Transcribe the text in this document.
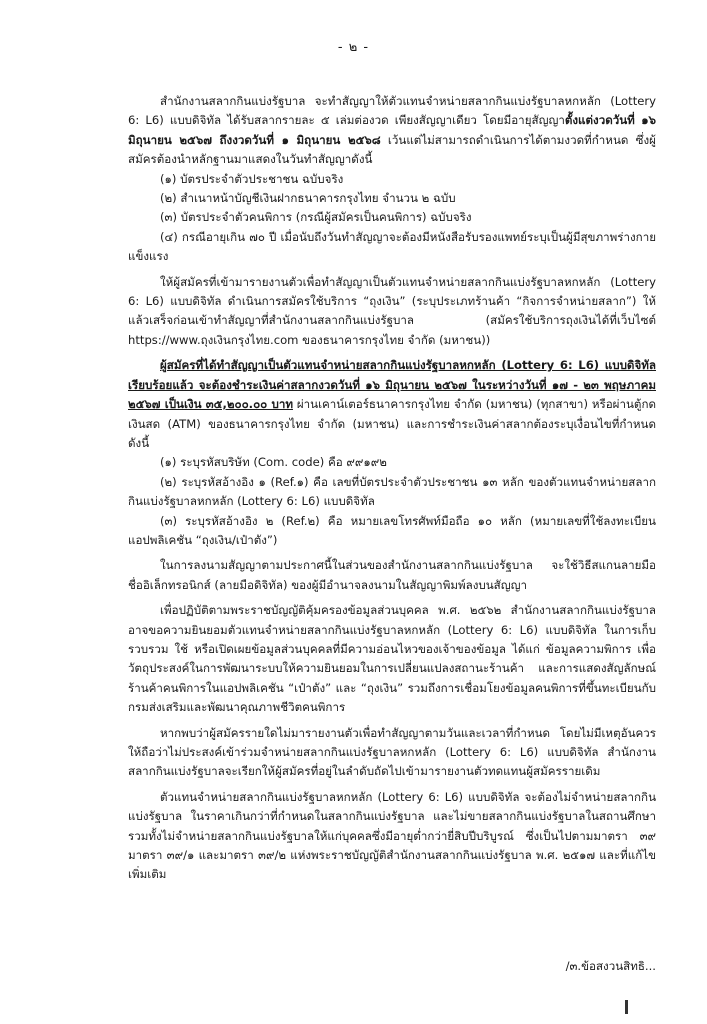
- ๒ -

สำนักงานสลากกินแบ่งรัฐบาล จะทำสัญญาให้ตัวแทนจำหน่ายสลากกินแบ่งรัฐบาลหกหลัก (Lottery 6: L6) แบบดิจิทัล ได้รับสลากรายละ ๕ เล่มต่องวด เพียงสัญญาเดียว โดยมีอายุสัญญาตั้งแต่งวดวันที่ ๑๖ มิถุนายน ๒๕๖๗ ถึงงวดวันที่ ๑ มิถุนายน ๒๕๖๘ เว้นแต่ไม่สามารถดำเนินการได้ตามงวดที่กำหนด ซึ่งผู้สมัครต้องนำหลักฐานมาแสดงในวันทำสัญญาดังนี้

(๑) บัตรประจำตัวประชาชน ฉบับจริง

(๒) สำเนาหน้าบัญชีเงินฝากธนาคารกรุงไทย จำนวน ๒ ฉบับ

(๓) บัตรประจำตัวคนพิการ (กรณีผู้สมัครเป็นคนพิการ) ฉบับจริง

(๔) กรณีอายุเกิน ๗๐ ปี เมื่อนับถึงวันทำสัญญาจะต้องมีหนังสือรับรองแพทย์ระบุเป็นผู้มีสุขภาพร่างกายแข็งแรง

ให้ผู้สมัครที่เข้ามารายงานตัวเพื่อทำสัญญาเป็นตัวแทนจำหน่ายสลากกินแบ่งรัฐบาลหกหลัก (Lottery 6: L6) แบบดิจิทัล ดำเนินการสมัครใช้บริการ “ถุงเงิน” (ระบุประเภทร้านค้า “กิจการจำหน่ายสลาก”) ให้แล้วเสร็จก่อนเข้าทำสัญญาที่สำนักงานสลากกินแบ่งรัฐบาล (สมัครใช้บริการถุงเงินได้ที่เว็บไซต์ https://www.ถุงเงินกรุงไทย.com ของธนาคารกรุงไทย จำกัด (มหาชน))

ผู้สมัครที่ได้ทำสัญญาเป็นตัวแทนจำหน่ายสลากกินแบ่งรัฐบาลหกหลัก (Lottery 6: L6) แบบดิจิทัลเรียบร้อยแล้ว จะต้องชำระเงินค่าสลากงวดวันที่ ๑๖ มิถุนายน ๒๕๖๗ ในระหว่างวันที่ ๑๗ - ๒๓ พฤษภาคม ๒๕๖๗ เป็นเงิน ๓๕,๒๐๐.๐๐ บาท ผ่านเคาน์เตอร์ธนาคารกรุงไทย จำกัด (มหาชน) (ทุกสาขา) หรือผ่านตู้กดเงินสด (ATM) ของธนาคารกรุงไทย จำกัด (มหาชน) และการชำระเงินค่าสลากต้องระบุเงื่อนไขที่กำหนด ดังนี้

(๑) ระบุรหัสบริษัท (Com. code) คือ ๙๙๑๙๒

(๒) ระบุรหัสอ้างอิง ๑ (Ref.๑) คือ เลขที่บัตรประจำตัวประชาชน ๑๓ หลัก ของตัวแทนจำหน่ายสลากกินแบ่งรัฐบาลหกหลัก (Lottery 6: L6) แบบดิจิทัล

(๓) ระบุรหัสอ้างอิง ๒ (Ref.๒) คือ หมายเลขโทรศัพท์มือถือ ๑๐ หลัก (หมายเลขที่ใช้ลงทะเบียนแอปพลิเคชัน “ถุงเงิน/เป๋าตัง”)

ในการลงนามสัญญาตามประกาศนี้ในส่วนของสำนักงานสลากกินแบ่งรัฐบาล จะใช้วิธีสแกนลายมือชื่ออิเล็กทรอนิกส์ (ลายมือดิจิทัล) ของผู้มีอำนาจลงนามในสัญญาพิมพ์ลงบนสัญญา

เพื่อปฏิบัติตามพระราชบัญญัติคุ้มครองข้อมูลส่วนบุคคล พ.ศ. ๒๕๖๒ สำนักงานสลากกินแบ่งรัฐบาลอาจขอความยินยอมตัวแทนจำหน่ายสลากกินแบ่งรัฐบาลหกหลัก (Lottery 6: L6) แบบดิจิทัล ในการเก็บรวบรวม ใช้ หรือเปิดเผยข้อมูลส่วนบุคคลที่มีความอ่อนไหวของเจ้าของข้อมูล ได้แก่ ข้อมูลความพิการ เพื่อวัตถุประสงค์ในการพัฒนาระบบให้ความยินยอมในการเปลี่ยนแปลงสถานะร้านค้า และการแสดงสัญลักษณ์ร้านค้าคนพิการในแอปพลิเคชัน “เป๋าตัง” และ “ถุงเงิน” รวมถึงการเชื่อมโยงข้อมูลคนพิการที่ขึ้นทะเบียนกับกรมส่งเสริมและพัฒนาคุณภาพชีวิตคนพิการ

หากพบว่าผู้สมัครรายใดไม่มารายงานตัวเพื่อทำสัญญาตามวันและเวลาที่กำหนด โดยไม่มีเหตุอันควร ให้ถือว่าไม่ประสงค์เข้าร่วมจำหน่ายสลากกินแบ่งรัฐบาลหกหลัก (Lottery 6: L6) แบบดิจิทัล สำนักงานสลากกินแบ่งรัฐบาลจะเรียกให้ผู้สมัครที่อยู่ในลำดับถัดไปเข้ามารายงานตัวทดแทนผู้สมัครรายเดิม

ตัวแทนจำหน่ายสลากกินแบ่งรัฐบาลหกหลัก (Lottery 6: L6) แบบดิจิทัล จะต้องไม่จำหน่ายสลากกินแบ่งรัฐบาล ในราคาเกินกว่าที่กำหนดในสลากกินแบ่งรัฐบาล และไม่ขายสลากกินแบ่งรัฐบาลในสถานศึกษารวมทั้งไม่จำหน่ายสลากกินแบ่งรัฐบาลให้แก่บุคคลซึ่งมีอายุต่ำกว่ายี่สิบปีบริบูรณ์ ซึ่งเป็นไปตามมาตรา ๓๙ มาตรา ๓๙/๑ และมาตรา ๓๙/๒ แห่งพระราชบัญญัติสำนักงานสลากกินแบ่งรัฐบาล พ.ศ. ๒๕๑๗ และที่แก้ไขเพิ่มเติม

/๓.ข้อสงวนสิทธิ...
